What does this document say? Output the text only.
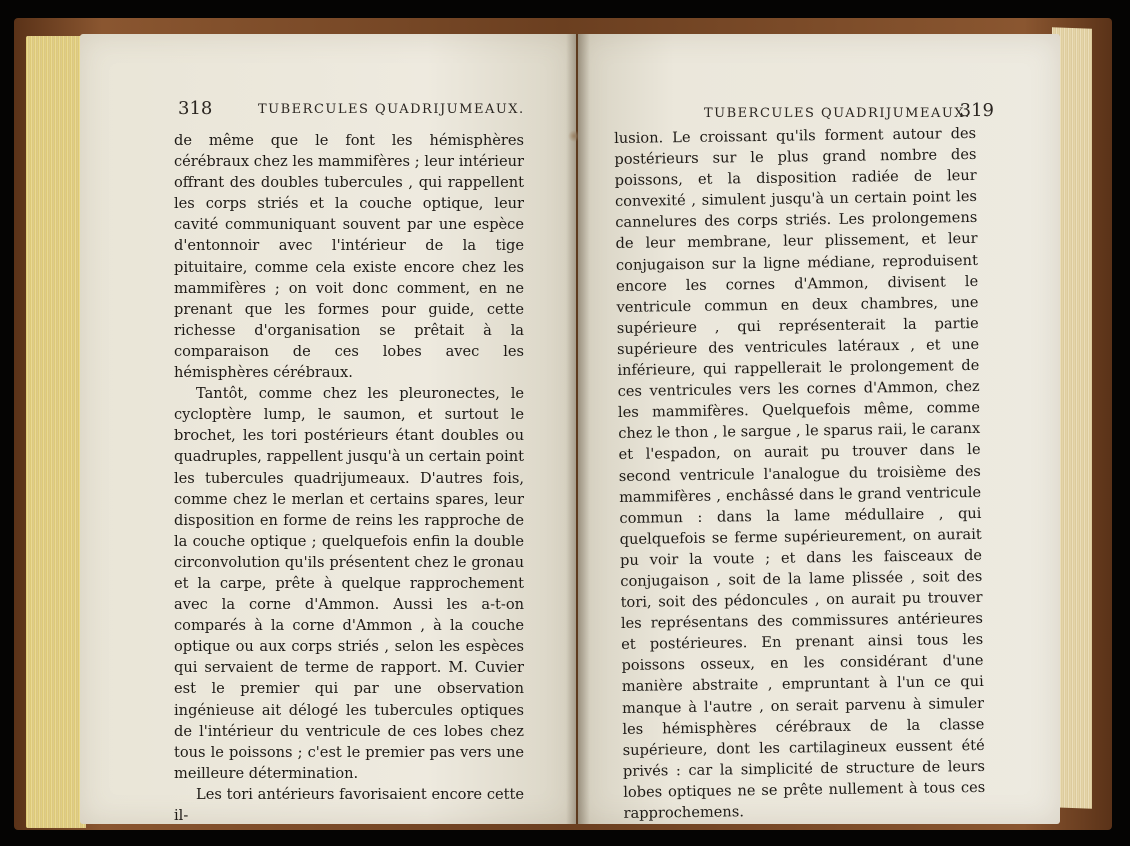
318	TUBERCULES QUADRIJUMEAUX.

de même que le font les hémisphères cérébraux chez les mammifères ; leur intérieur offrant des doubles tubercules , qui rappellent les corps striés et la couche optique, leur cavité communiquant souvent par une espèce d'entonnoir avec l'intérieur de la tige pituitaire, comme cela existe encore chez les mammifères ; on voit donc comment, en ne prenant que les formes pour guide, cette richesse d'organisation se prêtait à la comparaison de ces lobes avec les hémisphères cérébraux.

Tantôt, comme chez les pleuronectes, le cycloptère lump, le saumon, et surtout le brochet, les tori postérieurs étant doubles ou quadruples, rappellent jusqu'à un certain point les tubercules quadrijumeaux. D'autres fois, comme chez le merlan et certains spares, leur disposition en forme de reins les rapproche de la couche optique ; quelquefois enfin la double circonvolution qu'ils présentent chez le gronau et la carpe, prête à quelque rapprochement avec la corne d'Ammon. Aussi les a-t-on comparés à la corne d'Ammon , à la couche optique ou aux corps striés , selon les espèces qui servaient de terme de rapport. M. Cuvier est le premier qui par une observation ingénieuse ait délogé les tubercules optiques de l'intérieur du ventricule de ces lobes chez tous le poissons ; c'est le premier pas vers une meilleure détermination.

Les tori antérieurs favorisaient encore cette il-

TUBERCULES QUADRIJUMEAUX.
319

lusion. Le croissant qu'ils forment autour des postérieurs sur le plus grand nombre des poissons, et la disposition radiée de leur convexité , simulent jusqu'à un certain point les cannelures des corps striés. Les prolongemens de leur membrane, leur plissement, et leur conjugaison sur la ligne médiane, reproduisent encore les cornes d'Ammon, divisent le ventricule commun en deux chambres, une supérieure , qui représenterait la partie supérieure des ventricules latéraux , et une inférieure, qui rappellerait le prolongement de ces ventricules vers les cornes d'Ammon, chez les mammifères. Quelquefois même, comme chez le thon , le sargue , le sparus raii, le caranx et l'espadon, on aurait pu trouver dans le second ventricule l'analogue du troisième des mammifères , enchâssé dans le grand ventricule commun : dans la lame médullaire , qui quelquefois se ferme supérieurement, on aurait pu voir la voute ; et dans les faisceaux de conjugaison , soit de la lame plissée , soit des tori, soit des pédoncules , on aurait pu trouver les représentans des commissures antérieures et postérieures. En prenant ainsi tous les poissons osseux, en les considérant d'une manière abstraite , empruntant à l'un ce qui manque à l'autre , on serait parvenu à simuler les hémisphères cérébraux de la classe supérieure, dont les cartilagineux eussent été privés : car la simplicité de structure de leurs lobes optiques ne se prête nullement à tous ces rapprochemens.
